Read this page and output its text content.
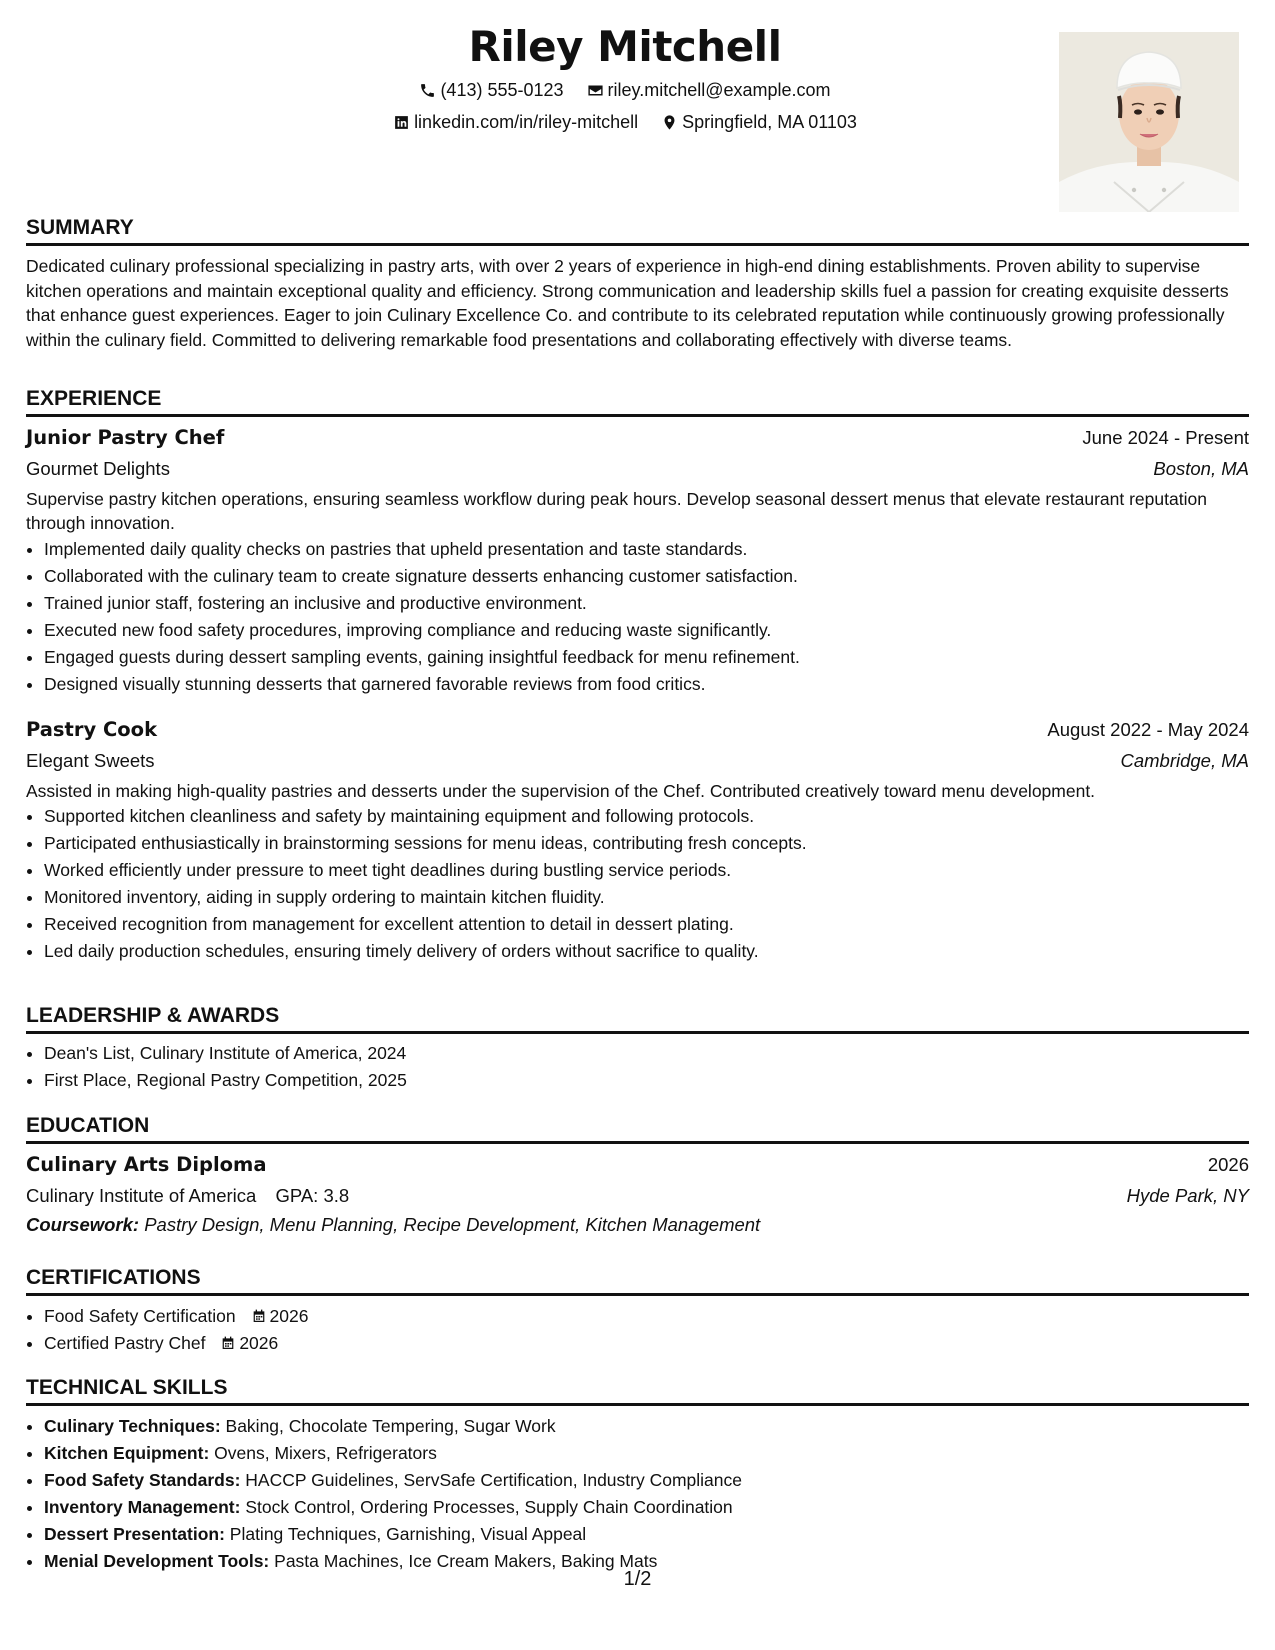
Riley Mitchell
(413) 555-0123
riley.mitchell@example.com
linkedin.com/in/riley-mitchell
Springfield, MA 01103
SUMMARY
Dedicated culinary professional specializing in pastry arts, with over 2 years of experience in high-end dining establishments. Proven ability to supervise kitchen operations and maintain exceptional quality and efficiency. Strong communication and leadership skills fuel a passion for creating exquisite desserts that enhance guest experiences. Eager to join Culinary Excellence Co. and contribute to its celebrated reputation while continuously growing professionally within the culinary field. Committed to delivering remarkable food presentations and collaborating effectively with diverse teams.
EXPERIENCE
Junior Pastry Chef	June 2024 - Present
Gourmet Delights	Boston, MA
Supervise pastry kitchen operations, ensuring seamless workflow during peak hours. Develop seasonal dessert menus that elevate restaurant reputation through innovation.
• Implemented daily quality checks on pastries that upheld presentation and taste standards.
• Collaborated with the culinary team to create signature desserts enhancing customer satisfaction.
• Trained junior staff, fostering an inclusive and productive environment.
• Executed new food safety procedures, improving compliance and reducing waste significantly.
• Engaged guests during dessert sampling events, gaining insightful feedback for menu refinement.
• Designed visually stunning desserts that garnered favorable reviews from food critics.
Pastry Cook	August 2022 - May 2024
Elegant Sweets	Cambridge, MA
Assisted in making high-quality pastries and desserts under the supervision of the Chef. Contributed creatively toward menu development.
• Supported kitchen cleanliness and safety by maintaining equipment and following protocols.
• Participated enthusiastically in brainstorming sessions for menu ideas, contributing fresh concepts.
• Worked efficiently under pressure to meet tight deadlines during bustling service periods.
• Monitored inventory, aiding in supply ordering to maintain kitchen fluidity.
• Received recognition from management for excellent attention to detail in dessert plating.
• Led daily production schedules, ensuring timely delivery of orders without sacrifice to quality.
LEADERSHIP & AWARDS
• Dean's List, Culinary Institute of America, 2024
• First Place, Regional Pastry Competition, 2025
EDUCATION
Culinary Arts Diploma	2026
Culinary Institute of America GPA: 3.8	Hyde Park, NY
Coursework: Pastry Design, Menu Planning, Recipe Development, Kitchen Management
CERTIFICATIONS
• Food Safety Certification 2026
• Certified Pastry Chef 2026
TECHNICAL SKILLS
• Culinary Techniques: Baking, Chocolate Tempering, Sugar Work
• Kitchen Equipment: Ovens, Mixers, Refrigerators
• Food Safety Standards: HACCP Guidelines, ServSafe Certification, Industry Compliance
• Inventory Management: Stock Control, Ordering Processes, Supply Chain Coordination
• Dessert Presentation: Plating Techniques, Garnishing, Visual Appeal
• Menial Development Tools: Pasta Machines, Ice Cream Makers, Baking Mats
1/2
